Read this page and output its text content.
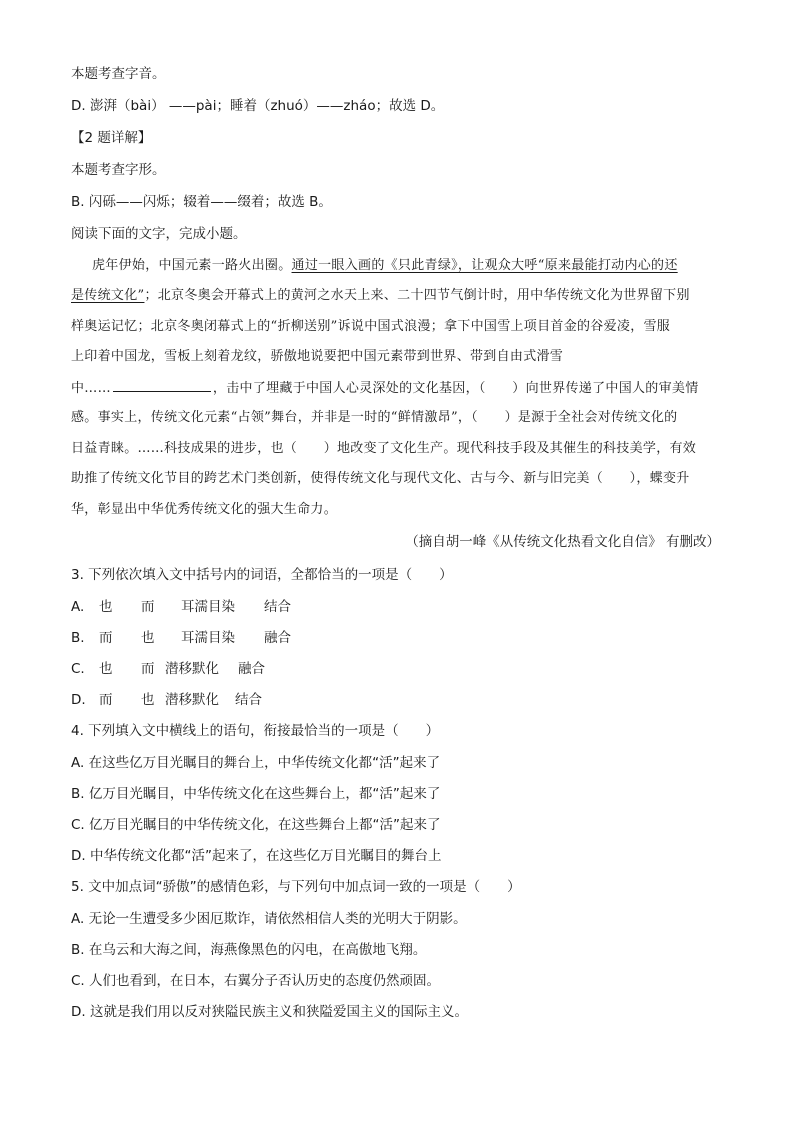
本题考查字音。
D. 澎湃（bài） ——pài；睡着（zhuó）——zháo；故选 D。
【2 题详解】
本题考查字形。
B. 闪砾——闪烁；辍着——缀着；故选 B。
阅读下面的文字，完成小题。
虎年伊始，中国元素一路火出圈。通过一眼入画的《只此青绿》，让观众大呼“原来最能打动内心的还
是传统文化”；北京冬奥会开幕式上的黄河之水天上来、二十四节气倒计时，用中华传统文化为世界留下别
样奥运记忆；北京冬奥闭幕式上的“折柳送别”诉说中国式浪漫；拿下中国雪上项目首金的谷爱凌，雪服
上印着中国龙，雪板上刻着龙纹，骄傲地说要把中国元素带到世界、带到自由式滑雪
中……	，击中了埋藏于中国人心灵深处的文化基因，（　　）向世界传递了中国人的审美情
感。事实上，传统文化元素“占领”舞台，并非是一时的“鲜情激昂”，（　　）是源于全社会对传统文化的
日益青睐。……科技成果的进步，也（　　）地改变了文化生产。现代科技手段及其催生的科技美学，有效
助推了传统文化节目的跨艺术门类创新，使得传统文化与现代文化、古与今、新与旧完美（　　），蝶变升
华，彰显出中华优秀传统文化的强大生命力。
（摘自胡一峰《从传统文化热看文化自信》 有删改）
3. 下列依次填入文中括号内的词语，全都恰当的一项是（　　）
A. 也 而 耳濡目染 结合
B. 而 也 耳濡目染 融合
C. 也 而 潜移默化 融合
D. 而 也 潜移默化 结合
4. 下列填入文中横线上的语句，衔接最恰当的一项是（　　）
A. 在这些亿万目光瞩目的舞台上，中华传统文化都“活”起来了
B. 亿万目光瞩目，中华传统文化在这些舞台上，都“活”起来了
C. 亿万目光瞩目的中华传统文化，在这些舞台上都“活”起来了
D. 中华传统文化都“活”起来了，在这些亿万目光瞩目的舞台上
5. 文中加点词“骄傲”的感情色彩，与下列句中加点词一致的一项是（　　）
A. 无论一生遭受多少困厄欺诈，请依然相信人类的光明大于阴影。
B. 在乌云和大海之间，海燕像黑色的闪电，在高傲地飞翔。
C. 人们也看到，在日本，右翼分子否认历史的态度仍然顽固。
D. 这就是我们用以反对狭隘民族主义和狭隘爱国主义的国际主义。
